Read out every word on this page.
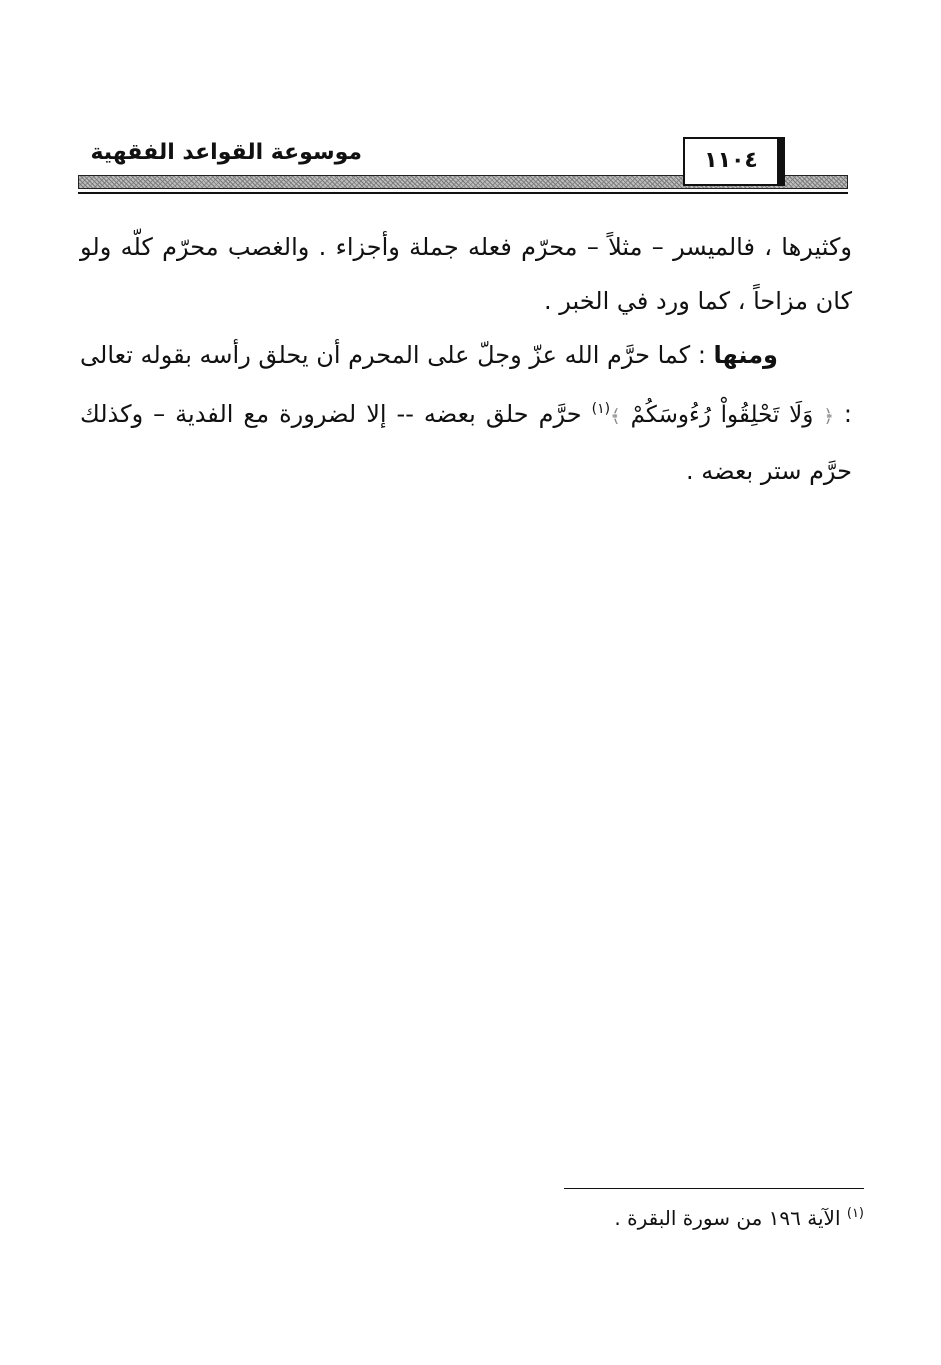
موسوعة القواعد الفقهية	١١٠٤

وكثيرها ، فالميسر – مثلاً – محرّم فعله جملة وأجزاء . والغصب محرّم كلّه ولو كان مزاحاً ، كما ورد في الخبر .

ومنها : كما حرَّم الله عزّ وجلّ على المحرم أن يحلق رأسه بقوله تعالى : ﴿ وَلَا تَحْلِقُواْ رُءُوسَكُمْ ﴾$^{(١)}$ حرَّم حلق بعضه -- إلا لضرورة مع الفدية – وكذلك حرَّم ستر بعضه .

$^{(١)}$ الآية ١٩٦ من سورة البقرة .
